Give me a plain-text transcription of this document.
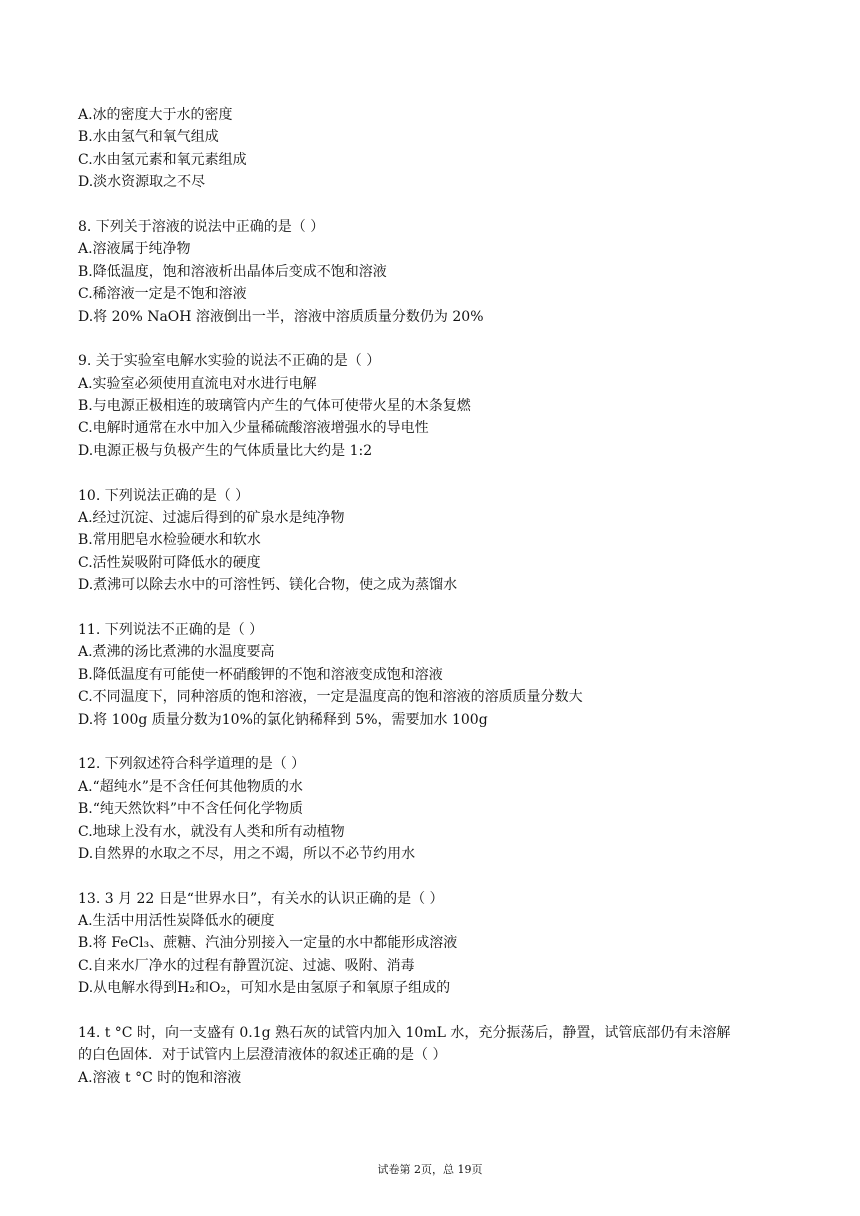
A.冰的密度大于水的密度
B.水由氢气和氧气组成
C.水由氢元素和氧元素组成
D.淡水资源取之不尽
8. 下列关于溶液的说法中正确的是（ ）
A.溶液属于纯净物
B.降低温度，饱和溶液析出晶体后变成不饱和溶液
C.稀溶液一定是不饱和溶液
D.将 20% NaOH 溶液倒出一半，溶液中溶质质量分数仍为 20%
9. 关于实验室电解水实验的说法不正确的是（ ）
A.实验室必须使用直流电对水进行电解
B.与电源正极相连的玻璃管内产生的气体可使带火星的木条复燃
C.电解时通常在水中加入少量稀硫酸溶液增强水的导电性
D.电源正极与负极产生的气体质量比大约是 1:2
10. 下列说法正确的是（ ）
A.经过沉淀、过滤后得到的矿泉水是纯净物
B.常用肥皂水检验硬水和软水
C.活性炭吸附可降低水的硬度
D.煮沸可以除去水中的可溶性钙、镁化合物，使之成为蒸馏水
11. 下列说法不正确的是（ ）
A.煮沸的汤比煮沸的水温度要高
B.降低温度有可能使一杯硝酸钾的不饱和溶液变成饱和溶液
C.不同温度下，同种溶质的饱和溶液，一定是温度高的饱和溶液的溶质质量分数大
D.将 100g 质量分数为10%的氯化钠稀释到 5%，需要加水 100g
12. 下列叙述符合科学道理的是（ ）
A.“超纯水”是不含任何其他物质的水
B.“纯天然饮料”中不含任何化学物质
C.地球上没有水，就没有人类和所有动植物
D.自然界的水取之不尽，用之不竭，所以不必节约用水
13. 3 月 22 日是“世界水日”，有关水的认识正确的是（ ）
A.生活中用活性炭降低水的硬度
B.将 FeCl₃、蔗糖、汽油分别接入一定量的水中都能形成溶液
C.自来水厂净水的过程有静置沉淀、过滤、吸附、消毒
D.从电解水得到H₂和O₂，可知水是由氢原子和氧原子组成的
14. t °C 时，向一支盛有 0.1g 熟石灰的试管内加入 10mL 水，充分振荡后，静置，试管底部仍有未溶解
的白色固体．对于试管内上层澄清液体的叙述正确的是（ ）
A.溶液 t °C 时的饱和溶液
试卷第 2页，总 19页
